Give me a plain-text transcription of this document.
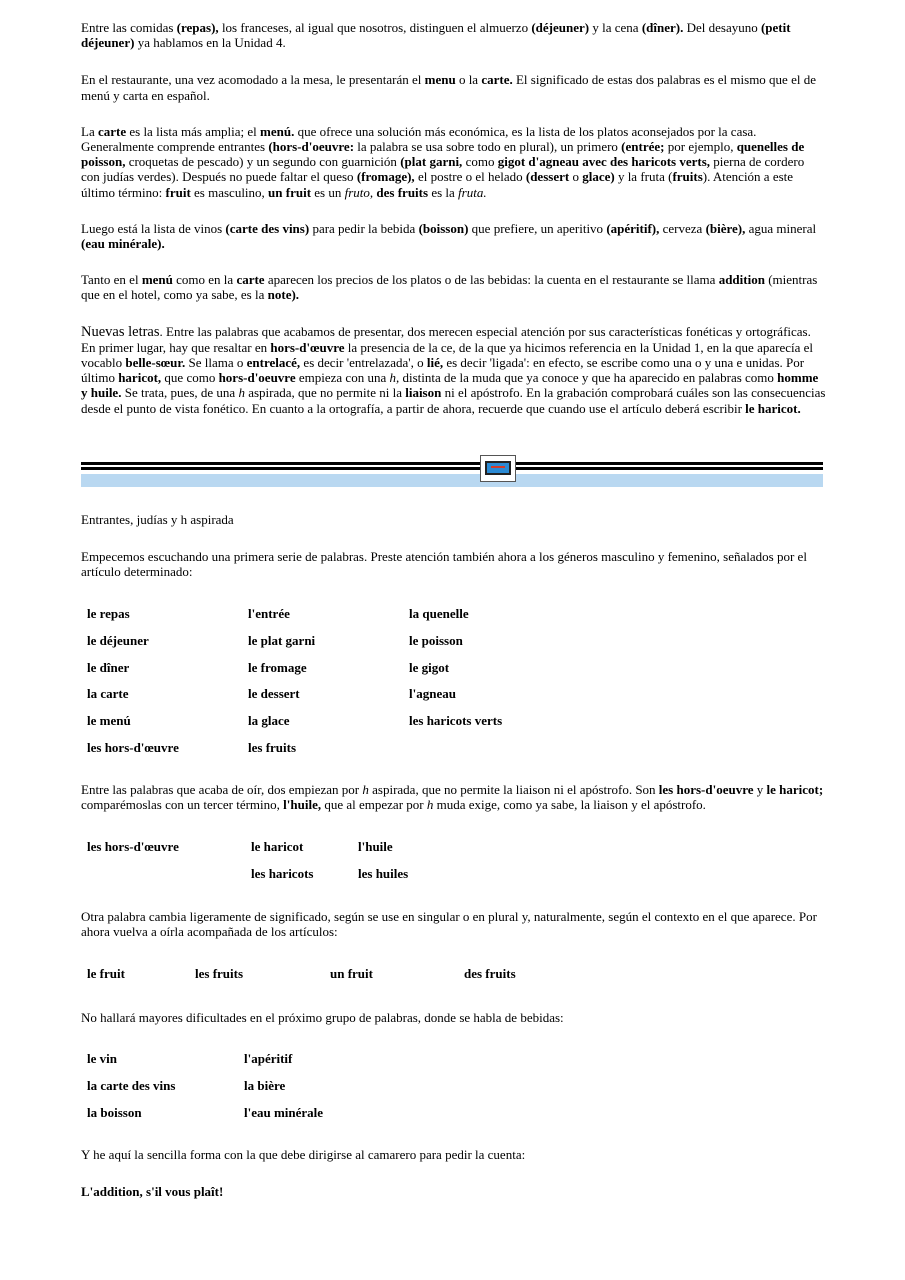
Entre las comidas (repas), los franceses, al igual que nosotros, distinguen el almuerzo (déjeuner) y la cena (dîner). Del desayuno (petit déjeuner) ya hablamos en la Unidad 4.

En el restaurante, una vez acomodado a la mesa, le presentarán el menu o la carte. El significado de estas dos palabras es el mismo que el de menú y carta en español.

La carte es la lista más amplia; el menú. que ofrece una solución más económica, es la lista de los platos aconsejados por la casa. Generalmente comprende entrantes (hors-d'oeuvre: la palabra se usa sobre todo en plural), un primero (entrée; por ejemplo, quenelles de poisson, croquetas de pescado) y un segundo con guarnición (plat garni, como gigot d'agneau avec des haricots verts, pierna de cordero con judías verdes). Después no puede faltar el queso (fromage), el postre o el helado (dessert o glace) y la fruta (fruits). Atención a este último término: fruit es masculino, un fruit es un fruto, des fruits es la fruta.

Luego está la lista de vinos (carte des vins) para pedir la bebida (boisson) que prefiere, un aperitivo (apéritif), cerveza (bière), agua mineral (eau minérale).

Tanto en el menú como en la carte aparecen los precios de los platos o de las bebidas: la cuenta en el restaurante se llama addition (mientras que en el hotel, como ya sabe, es la note).

Nuevas letras. Entre las palabras que acabamos de presentar, dos merecen especial atención por sus características fonéticas y ortográficas. En primer lugar, hay que resaltar en hors-d'œuvre la presencia de la ce, de la que ya hicimos referencia en la Unidad 1, en la que aparecía el vocablo belle-sœur. Se llama o entrelacé, es decir 'entrelazada', o lié, es decir 'ligada': en efecto, se escribe como una o y una e unidas. Por último haricot, que como hors-d'oeuvre empieza con una h, distinta de la muda que ya conoce y que ha aparecido en palabras como homme y huile. Se trata, pues, de una h aspirada, que no permite ni la liaison ni el apóstrofo. En la grabación comprobará cuáles son las consecuencias desde el punto de vista fonético. En cuanto a la ortografía, a partir de ahora, recuerde que cuando use el artículo deberá escribir le haricot.

Entrantes, judías y h aspirada

Empecemos escuchando una primera serie de palabras. Preste atención también ahora a los géneros masculino y femenino, señalados por el artículo determinado:

le repas	l'entrée	la quenelle
le déjeuner	le plat garni	le poisson
le dîner	le fromage	le gigot
la carte	le dessert	l'agneau
le menú	la glace	les haricots verts
les hors-d'œuvre	les fruits	

Entre las palabras que acaba de oír, dos empiezan por h aspirada, que no permite la liaison ni el apóstrofo. Son les hors-d'oeuvre y le haricot; comparémoslas con un tercer término, l'huile, que al empezar por h muda exige, como ya sabe, la liaison y el apóstrofo.

les hors-d'œuvre	le haricot	l'huile
	les haricots	les huiles

Otra palabra cambia ligeramente de significado, según se use en singular o en plural y, naturalmente, según el contexto en el que aparece. Por ahora vuelva a oírla acompañada de los artículos:

le fruit	les fruits	un fruit	des fruits

No hallará mayores dificultades en el próximo grupo de palabras, donde se habla de bebidas:

le vin	l'apéritif
la carte des vins	la bière
la boisson	l'eau minérale

Y he aquí la sencilla forma con la que debe dirigirse al camarero para pedir la cuenta:

L'addition, s'il vous plaît!
